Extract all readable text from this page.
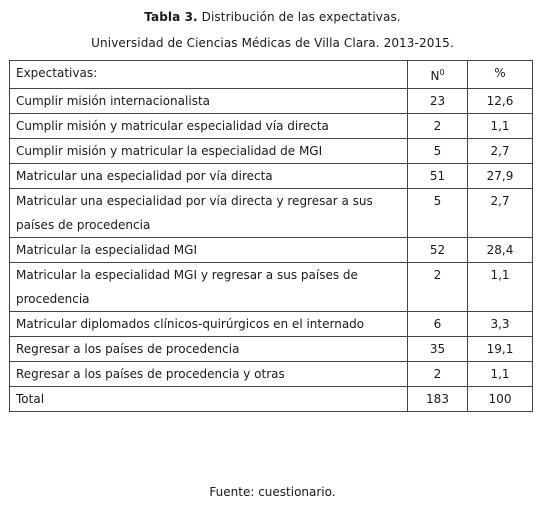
Tabla 3. Distribución de las expectativas.
Universidad de Ciencias Médicas de Villa Clara. 2013-2015.
Expectativas:	$N^0$	%
Cumplir misión internacionalista	23	12,6
Cumplir misión y matricular especialidad vía directa	2	1,1
Cumplir misión y matricular la especialidad de MGI	5	2,7
Matricular una especialidad por vía directa	51	27,9
Matricular una especialidad por vía directa y regresar a sus países de procedencia	5	2,7
Matricular la especialidad MGI	52	28,4
Matricular la especialidad MGI y regresar a sus países de procedencia	2	1,1
Matricular diplomados clínicos-quirúrgicos en el internado	6	3,3
Regresar a los países de procedencia	35	19,1
Regresar a los países de procedencia y otras	2	1,1
Total	183	100
Fuente: cuestionario.
